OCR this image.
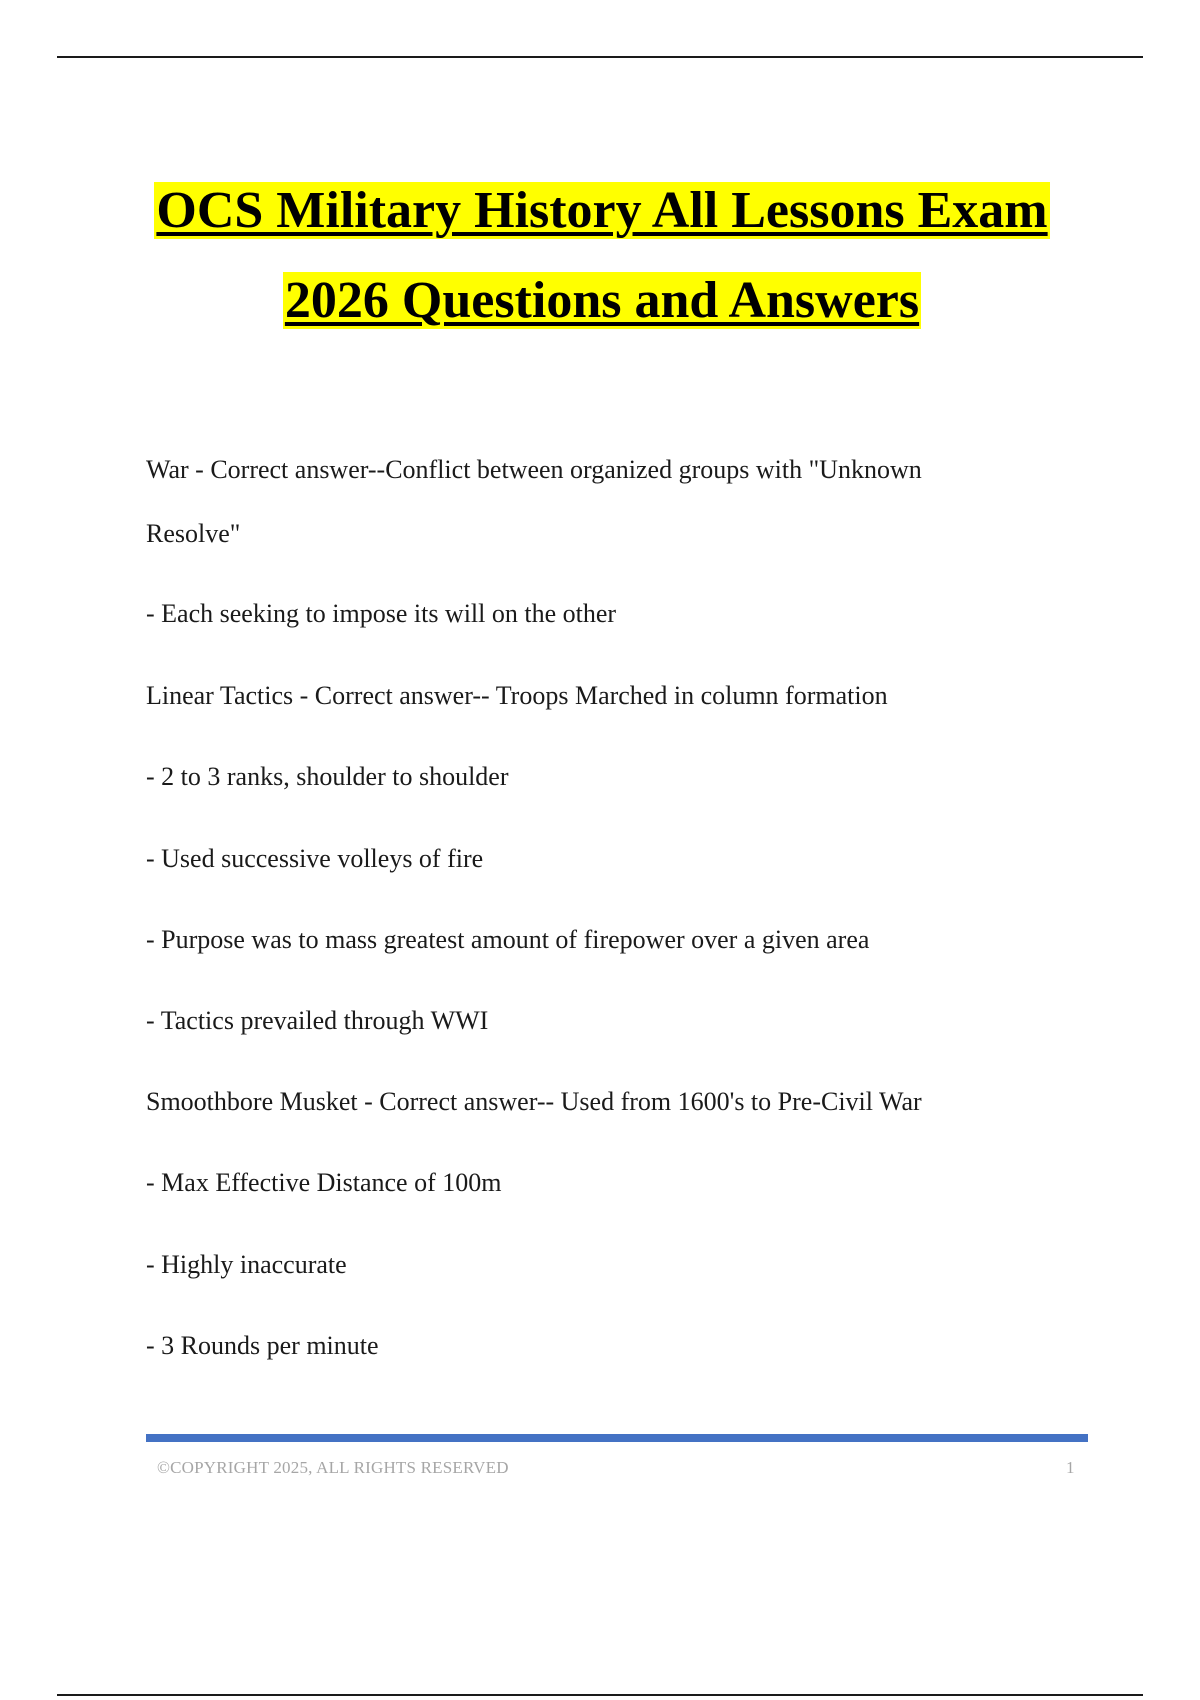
OCS Military History All Lessons Exam
2026 Questions and Answers
War - Correct answer--Conflict between organized groups with "Unknown
Resolve"
- Each seeking to impose its will on the other
Linear Tactics - Correct answer-- Troops Marched in column formation
- 2 to 3 ranks, shoulder to shoulder
- Used successive volleys of fire
- Purpose was to mass greatest amount of firepower over a given area
- Tactics prevailed through WWI
Smoothbore Musket - Correct answer-- Used from 1600's to Pre-Civil War
- Max Effective Distance of 100m
- Highly inaccurate
- 3 Rounds per minute
©COPYRIGHT 2025, ALL RIGHTS RESERVED	1
